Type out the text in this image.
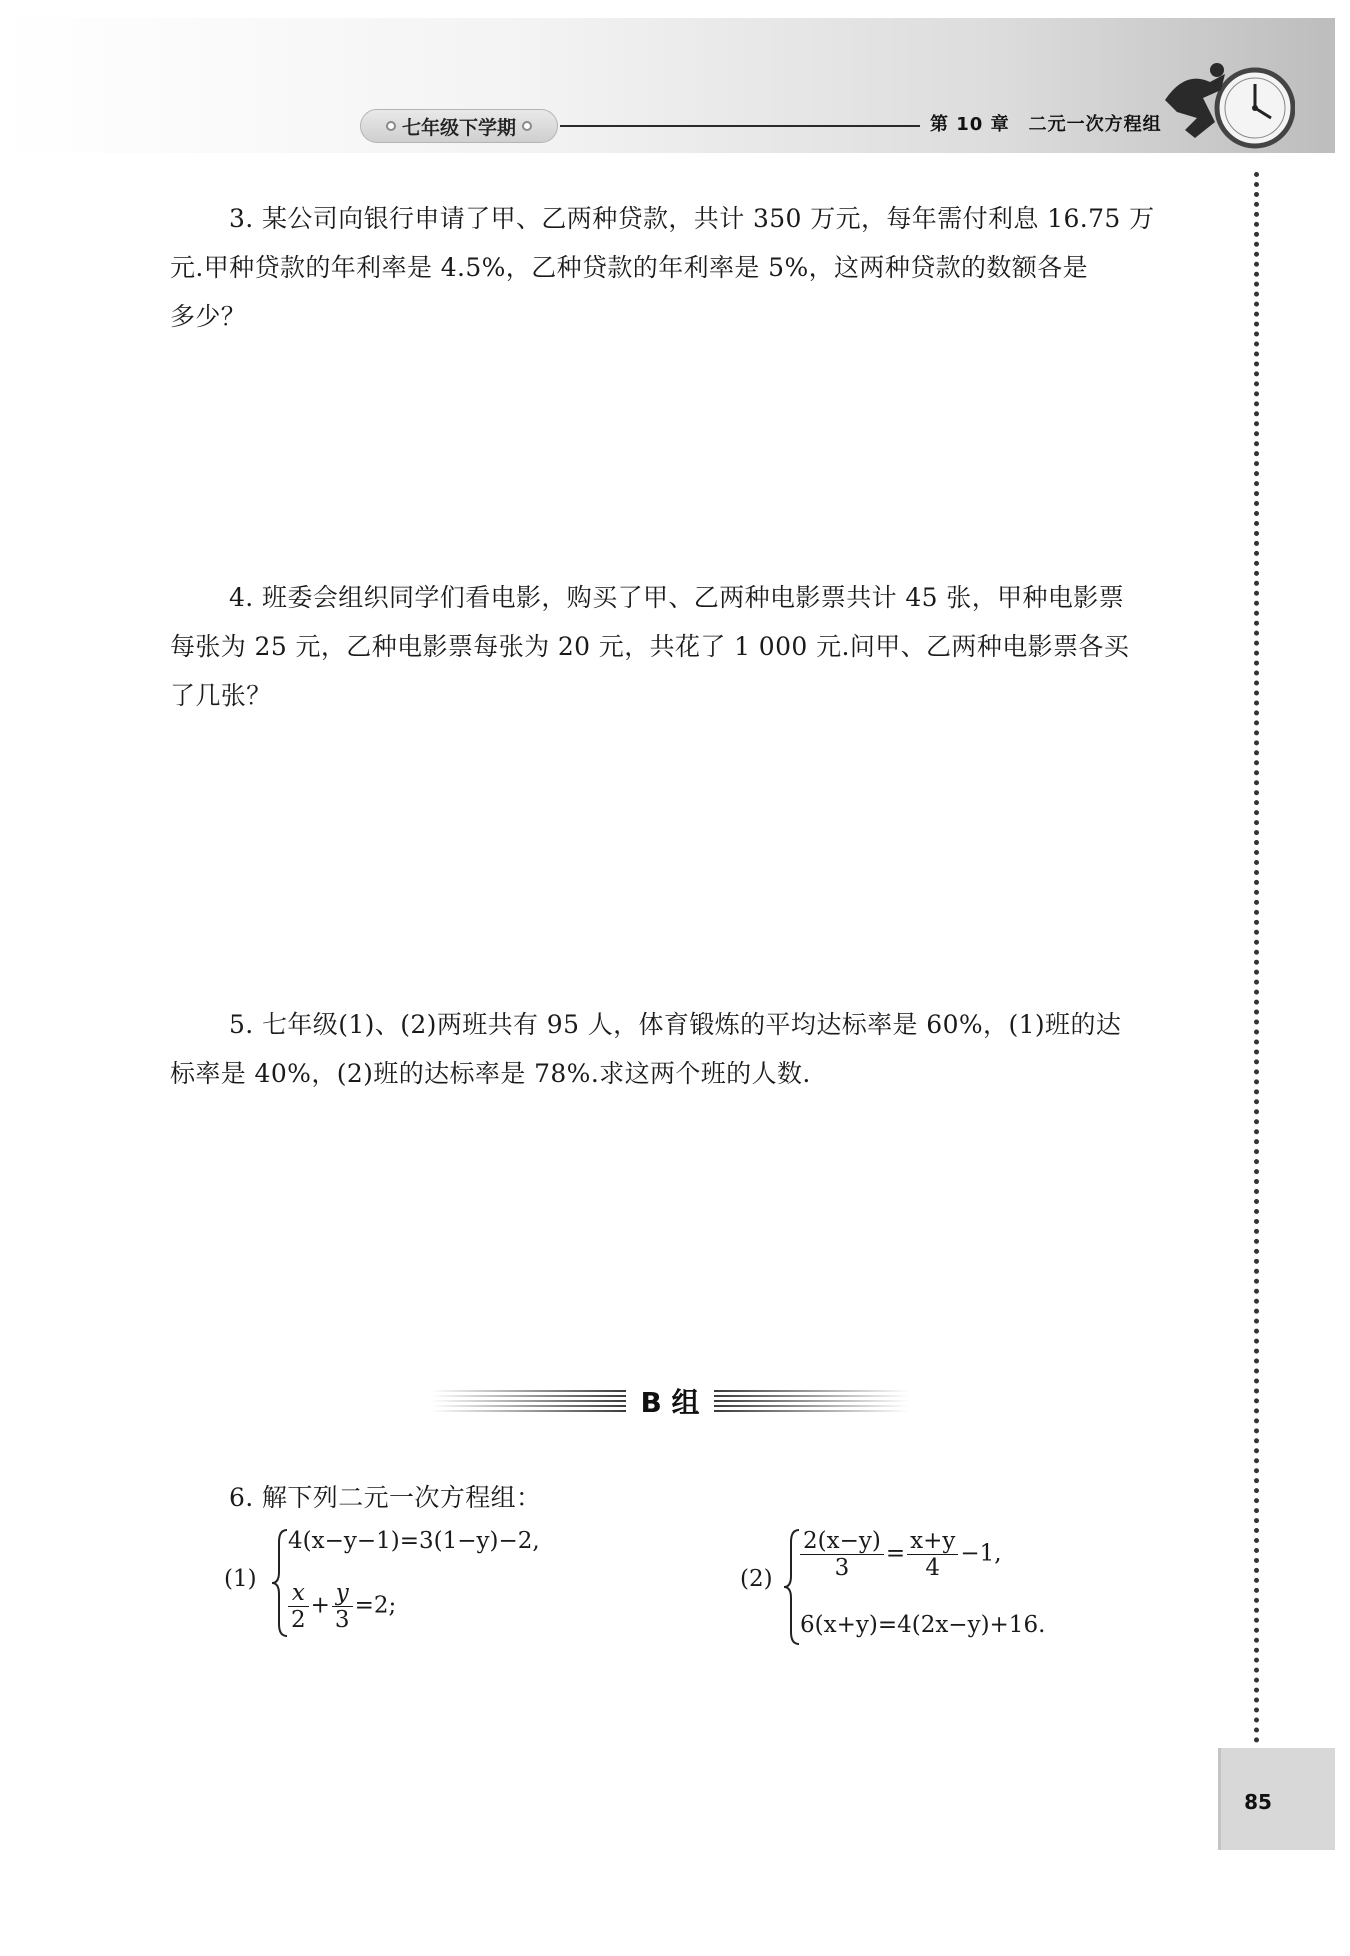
七年级下学期	第 10 章　二元一次方程组
85
3. 某公司向银行申请了甲、乙两种贷款，共计 350 万元，每年需付利息 16.75 万
元.甲种贷款的年利率是 4.5%，乙种贷款的年利率是 5%，这两种贷款的数额各是
多少？
4. 班委会组织同学们看电影，购买了甲、乙两种电影票共计 45 张，甲种电影票
每张为 25 元，乙种电影票每张为 20 元，共花了 1 000 元.问甲、乙两种电影票各买
了几张？
5. 七年级(1)、(2)两班共有 95 人，体育锻炼的平均达标率是 60%，(1)班的达
标率是 40%，(2)班的达标率是 78%.求这两个班的人数.
B 组
6. 解下列二元一次方程组：
(1)
4(x−y−1)=3(1−y)−2,
$\frac{x}{2} + \frac{y}{3} =2$;
$(2) \frac{2(x-y)}{3} = \frac{x+y}{4} -1$,
6(x+y)=4(2x−y)+16.
